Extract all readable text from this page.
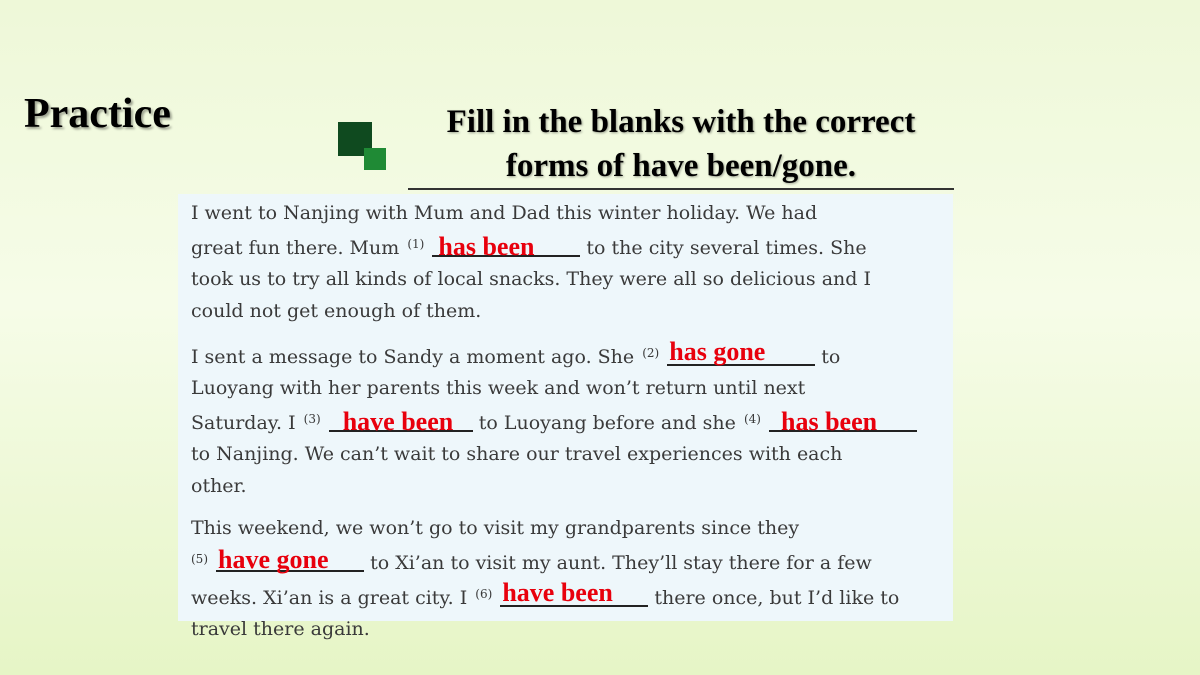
Practice	Fill in the blanks with the correct
forms of have been/gone.
I went to Nanjing with Mum and Dad this winter holiday. We had
great fun there. Mum $^{(1)}$ has been	to the city several times. She
took us to try all kinds of local snacks. They were all so delicious and I
could not get enough of them.
I sent a message to Sandy a moment ago. She $^{(2)}$ has gone	to
Luoyang with her parents this week and won’t return until next
Saturday. I $^{(3)}$ have been to Luoyang before and she $^{(4)}$ has been
to Nanjing. We can’t wait to share our travel experiences with each
other.
This weekend, we won’t go to visit my grandparents since they
$^{(5)}$ have gone to Xi’an to visit my aunt. They’ll stay there for a few
weeks. Xi’an is a great city. I $^{(6)}$ have been there once, but I’d like to
travel there again.
